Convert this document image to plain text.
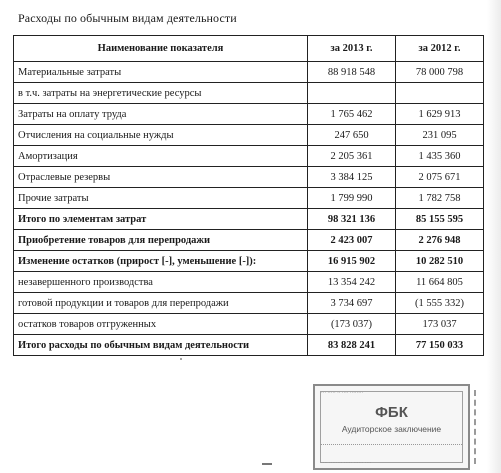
Расходы по обычным видам деятельности
Наименование показателя	за 2013 г.	за 2012 г.
Материальные затраты	88 918 548	78 000 798
в т.ч. затраты на энергетические ресурсы		
Затраты на оплату труда	1 765 462	1 629 913
Отчисления на социальные нужды	247 650	231 095
Амортизация	2 205 361	1 435 360
Отраслевые резервы	3 384 125	2 075 671
Прочие затраты	1 799 990	1 782 758
Итого по элементам затрат	98 321 136	85 155 595
Приобретение товаров для перепродажи	2 423 007	2 276 948
Изменение остатков (прирост [-], уменьшение [-]):	16 915 902	10 282 510
незавершенного производства	13 354 242	11 664 805
готовой продукции и товаров для перепродажи	3 734 697	(1 555 332)
остатков товаров отгруженных	(173 037)	173 037
Итого расходы по обычным видам деятельности	83 828 241	77 150 033
··· ····· ·· ···· ········
ФБК
Аудиторское заключение
···· ········ ····· ······ ····
